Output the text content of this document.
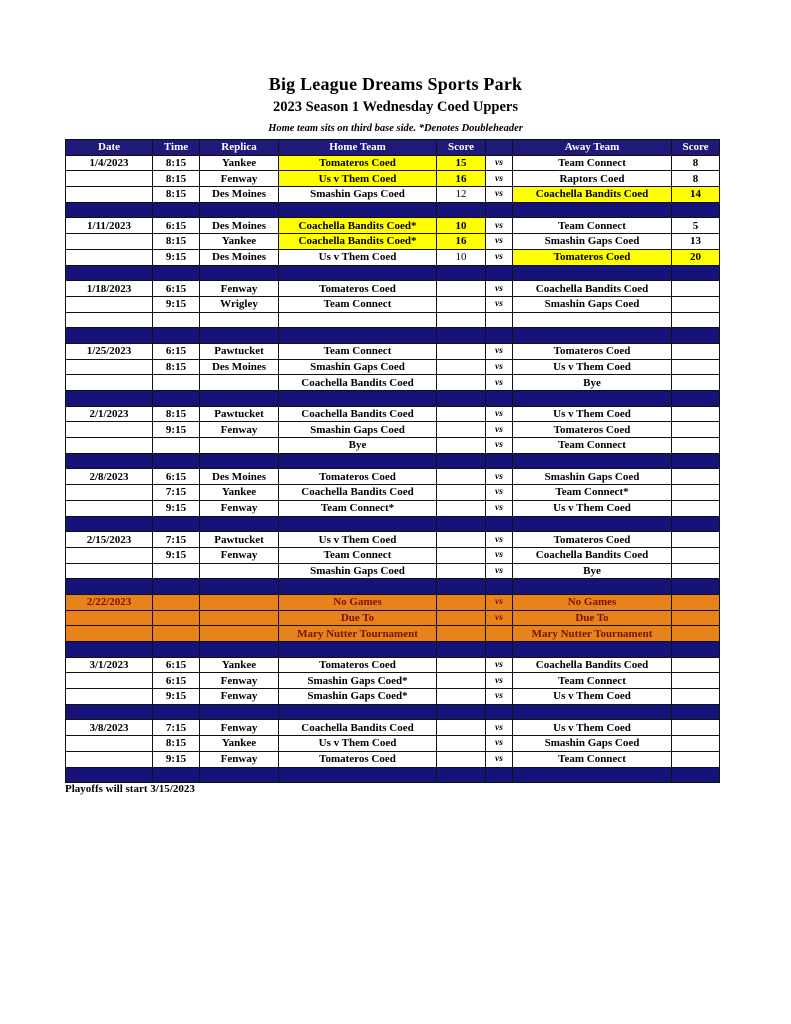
Big League Dreams Sports Park
2023 Season 1 Wednesday Coed Uppers
Home team sits on third base side. *Denotes Doubleheader
Date	Time	Replica	Home Team	Score		Away Team	Score
1/4/2023	8:15	Yankee	Tomateros Coed	15	vs	Team Connect	8
	8:15	Fenway	Us v Them Coed	16	vs	Raptors Coed	8
	8:15	Des Moines	Smashin Gaps Coed	12	vs	Coachella Bandits Coed	14

1/11/2023	6:15	Des Moines	Coachella Bandits Coed*	10	vs	Team Connect	5
	8:15	Yankee	Coachella Bandits Coed*	16	vs	Smashin Gaps Coed	13
	9:15	Des Moines	Us v Them Coed	10	vs	Tomateros Coed	20

1/18/2023	6:15	Fenway	Tomateros Coed		vs	Coachella Bandits Coed	
	9:15	Wrigley	Team Connect		vs	Smashin Gaps Coed	

1/25/2023	6:15	Pawtucket	Team Connect		vs	Tomateros Coed	
	8:15	Des Moines	Smashin Gaps Coed		vs	Us v Them Coed	
			Coachella Bandits Coed		vs	Bye	

2/1/2023	8:15	Pawtucket	Coachella Bandits Coed		vs	Us v Them Coed	
	9:15	Fenway	Smashin Gaps Coed		vs	Tomateros Coed	
			Bye		vs	Team Connect	

2/8/2023	6:15	Des Moines	Tomateros Coed		vs	Smashin Gaps Coed	
	7:15	Yankee	Coachella Bandits Coed		vs	Team Connect*	
	9:15	Fenway	Team Connect*		vs	Us v Them Coed	

2/15/2023	7:15	Pawtucket	Us v Them Coed		vs	Tomateros Coed	
	9:15	Fenway	Team Connect		vs	Coachella Bandits Coed	
			Smashin Gaps Coed		vs	Bye	

2/22/2023			No Games		vs	No Games	
			Due To		vs	Due To	
			Mary Nutter Tournament			Mary Nutter Tournament	

3/1/2023	6:15	Yankee	Tomateros Coed		vs	Coachella Bandits Coed	
	6:15	Fenway	Smashin Gaps Coed*		vs	Team Connect	
	9:15	Fenway	Smashin Gaps Coed*		vs	Us v Them Coed	

3/8/2023	7:15	Fenway	Coachella Bandits Coed		vs	Us v Them Coed	
	8:15	Yankee	Us v Them Coed		vs	Smashin Gaps Coed	
	9:15	Fenway	Tomateros Coed		vs	Team Connect	

Playoffs will start 3/15/2023
